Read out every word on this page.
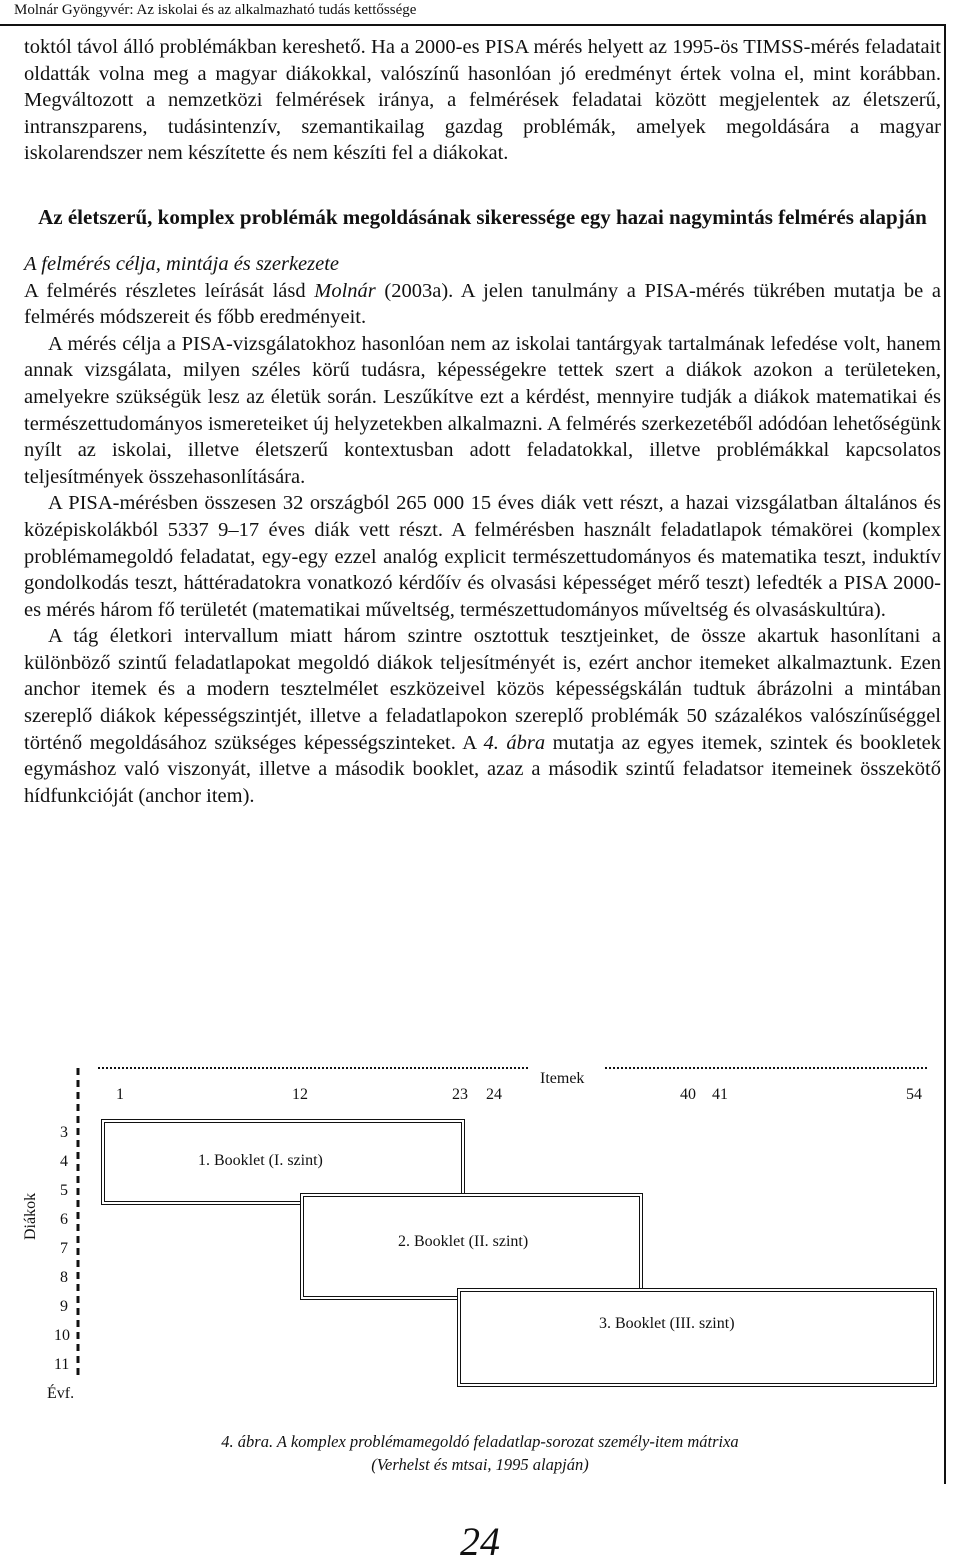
Molnár Gyöngyvér: Az iskolai és az alkalmazható tudás kettőssége

toktól távol álló problémákban kereshető. Ha a 2000-es PISA mérés helyett az 1995-ös TIMSS-mérés feladatait oldatták volna meg a magyar diákokkal, valószínű hasonlóan jó eredményt értek volna el, mint korábban. Megváltozott a nemzetközi felmérések iránya, a felmérések feladatai között megjelentek az életszerű, intranszparens, tudásintenzív, szemantikailag gazdag problémák, amelyek megoldására a magyar iskolarendszer nem készítette és nem készíti fel a diákokat.

Az életszerű, komplex problémák megoldásának sikeressége egy hazai nagymintás felmérés alapján

A felmérés célja, mintája és szerkezete

A felmérés részletes leírását lásd Molnár (2003a). A jelen tanulmány a PISA-mérés tükrében mutatja be a felmérés módszereit és főbb eredményeit.

A mérés célja a PISA-vizsgálatokhoz hasonlóan nem az iskolai tantárgyak tartalmának lefedése volt, hanem annak vizsgálata, milyen széles körű tudásra, képességekre tettek szert a diákok azokon a területeken, amelyekre szükségük lesz az életük során. Leszűkítve ezt a kérdést, mennyire tudják a diákok matematikai és természettudományos ismereteiket új helyzetekben alkalmazni. A felmérés szerkezetéből adódóan lehetőségünk nyílt az iskolai, illetve életszerű kontextusban adott feladatokkal, illetve problémákkal kapcsolatos teljesítmények összehasonlítására.

A PISA-mérésben összesen 32 országból 265 000 15 éves diák vett részt, a hazai vizsgálatban általános és középiskolákból 5337 9–17 éves diák vett részt. A felmérésben használt feladatlapok témakörei (komplex problémamegoldó feladatat, egy-egy ezzel analóg explicit természettudományos és matematika teszt, induktív gondolkodás teszt, háttéradatokra vonatkozó kérdőív és olvasási képességet mérő teszt) lefedték a PISA 2000-es mérés három fő területét (matematikai műveltség, természettudományos műveltség és olvasáskultúra).

A tág életkori intervallum miatt három szintre osztottuk tesztjeinket, de össze akartuk hasonlítani a különböző szintű feladatlapokat megoldó diákok teljesítményét is, ezért anchor itemeket alkalmaztunk. Ezen anchor itemek és a modern tesztelmélet eszközeivel közös képességskálán tudtuk ábrázolni a mintában szereplő diákok képességszintjét, illetve a feladatlapokon szereplő problémák 50 százalékos valószínűséggel történő megoldásához szükséges képességszinteket. A 4. ábra mutatja az egyes itemek, szintek és bookletek egymáshoz való viszonyát, illetve a második booklet, azaz a második szintű feladatsor itemeinek összekötő hídfunkcióját (anchor item).

Itemek
1	12	23 24	40 41	54
Diákok
3
4
5
6
7
8
9
10
11
Évf.
1. Booklet (I. szint)
2. Booklet (II. szint)
3. Booklet (III. szint)
4. ábra. A komplex problémamegoldó feladatlap-sorozat személy-item mátrixa
(Verhelst és mtsai, 1995 alapján)
24
